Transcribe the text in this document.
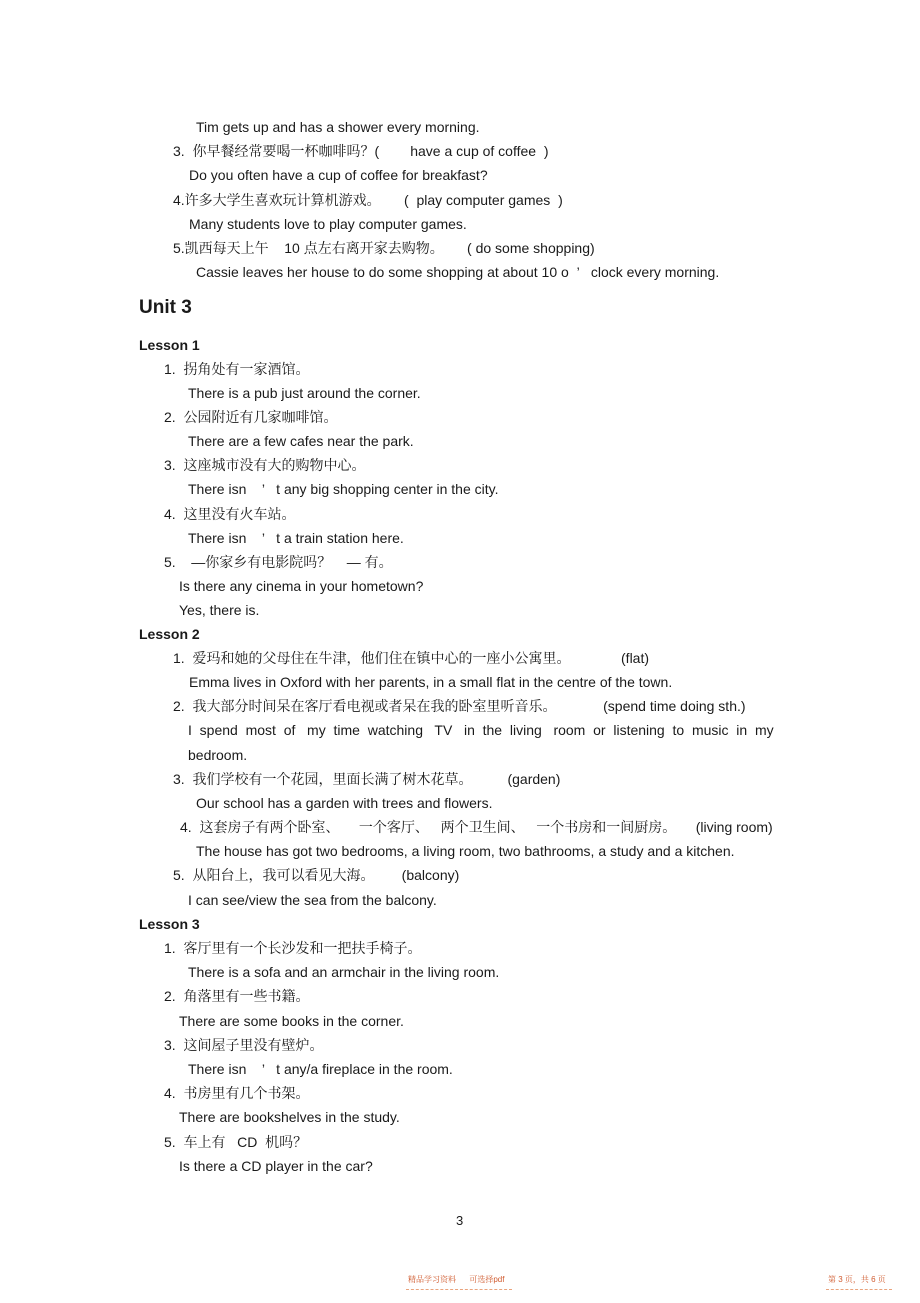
Tim gets up and has a shower every morning.
3.  你早餐经常要喝一杯咖啡吗？(        have a cup of coffee  )
Do you often have a cup of coffee for breakfast?
4.许多大学生喜欢玩计算机游戏。      (  play computer games  )
Many students love to play computer games.
5.凯西每天上午    10 点左右离开家去购物。      ( do some shopping)
Cassie leaves her house to do some shopping at about 10 o  ’   clock every morning.
Unit 3
Lesson 1
1.  拐角处有一家酒馆。
There is a pub just around the corner.
2.  公园附近有几家咖啡馆。
There are a few cafes near the park.
3.  这座城市没有大的购物中心。
There isn    ’   t any big shopping center in the city.
4.  这里没有火车站。
There isn    ’   t a train station here.
5.    —你家乡有电影院吗？    — 有。
Is there any cinema in your hometown?
Yes, there is.
Lesson 2
1.  爱玛和她的父母住在牛津，他们住在镇中心的一座小公寓里。             (flat)
Emma lives in Oxford with her parents, in a small flat in the centre of the town.
2.  我大部分时间呆在客厅看电视或者呆在我的卧室里听音乐。            (spend time doing sth.)
I  spend  most  of   my  time  watching   TV   in  the  living   room  or  listening  to  music  in  my
bedroom.
3.  我们学校有一个花园，里面长满了树木花草。         (garden)
Our school has a garden with trees and flowers.
4.  这套房子有两个卧室、     一个客厅、   两个卫生间、   一个书房和一间厨房。     (living room)
The house has got two bedrooms, a living room, two bathrooms, a study and a kitchen.
5.  从阳台上，我可以看见大海。       (balcony)
I can see/view the sea from the balcony.
Lesson 3
1.  客厅里有一个长沙发和一把扶手椅子。
There is a sofa and an armchair in the living room.
2.  角落里有一些书籍。
There are some books in the corner.
3.  这间屋子里没有壁炉。
There isn    ’   t any/a fireplace in the room.
4.  书房里有几个书架。
There are bookshelves in the study.
5.  车上有   CD  机吗？
Is there a CD player in the car?
3
精品学习资料      可选择pdf	第 3 页，共 6 页
